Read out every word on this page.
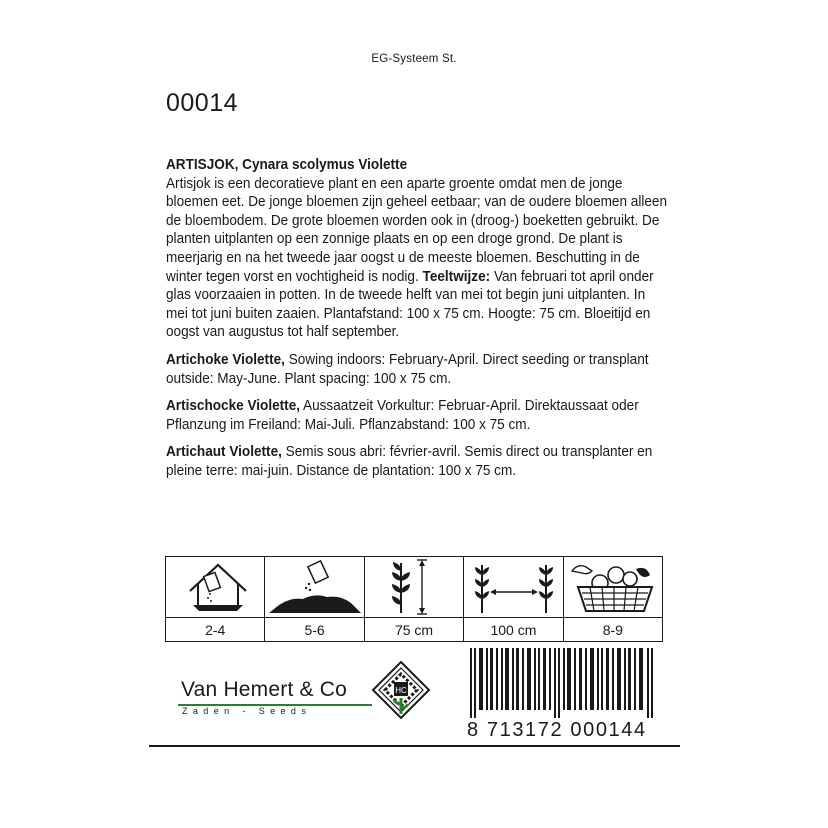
EG-Systeem St.
00014

ARTISJOK, Cynara scolymus Violette
Artisjok is een decoratieve plant en een aparte groente omdat men de jonge bloemen eet. De jonge bloemen zijn geheel eetbaar; van de oudere bloemen alleen de bloembodem. De grote bloemen worden ook in (droog-) boeketten gebruikt. De planten uitplanten op een zonnige plaats en op een droge grond. De plant is meerjarig en na het tweede jaar oogst u de meeste bloemen. Beschutting in de winter tegen vorst en vochtigheid is nodig. Teeltwijze: Van februari tot april onder glas voorzaaien in potten. In de tweede helft van mei tot begin juni uitplanten. In mei tot juni buiten zaaien. Plantafstand: 100 x 75 cm. Hoogte: 75 cm. Bloeitijd en oogst van augustus tot half september.

Artichoke Violette, Sowing indoors: February-April. Direct seeding or transplant outside: May-June. Plant spacing: 100 x 75 cm.

Artischocke Violette, Aussaatzeit Vorkultur: Februar-April. Direktaussaat oder Pflanzung im Freiland: Mai-Juli. Pflanzabstand: 100 x 75 cm.

Artichaut Violette, Semis sous abri: février-avril. Semis direct ou transplanter en pleine terre: mai-juin. Distance de plantation: 100 x 75 cm.

2-4	5-6	75 cm	100 cm	8-9
Van Hemert & Co
Zaden - Seeds
HC
8 713172 000144
